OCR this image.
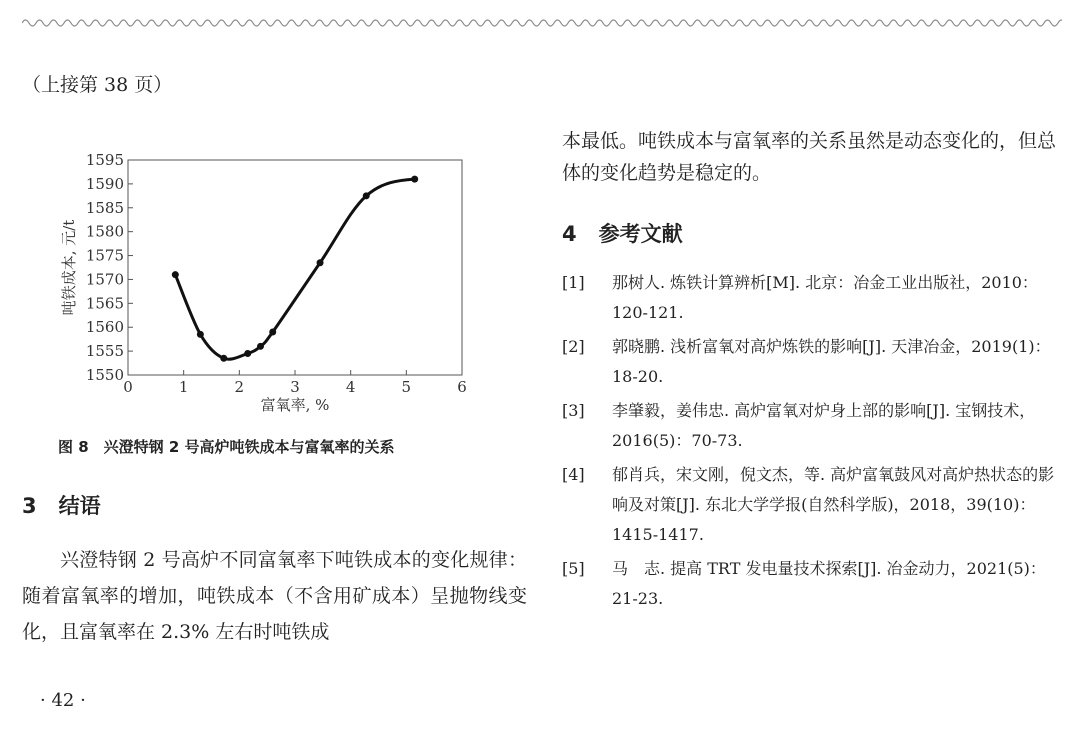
（上接第 38 页）
0	1	2	3	4	5	6
1550
1555
1560
1565
1570
1575
1580
1585
1590
1595
富氧率, %
吨铁成本, 元/t
图 8　兴澄特钢 2 号高炉吨铁成本与富氧率的关系
3 结语
兴澄特钢 2 号高炉不同富氧率下吨铁成本的变化规律：随着富氧率的增加，吨铁成本（不含用矿成本）呈抛物线变化，且富氧率在 2.3% 左右时吨铁成
本最低。吨铁成本与富氧率的关系虽然是动态变化的，但总体的变化趋势是稳定的。
4 参考文献
[1]	那树人. 炼铁计算辨析[M]. 北京：冶金工业出版社，2010：120-121.
[2]	郭晓鹏. 浅析富氧对高炉炼铁的影响[J]. 天津冶金，2019(1)：18-20.
[3]	李肇毅，姜伟忠. 高炉富氧对炉身上部的影响[J]. 宝钢技术，2016(5)：70-73.
[4]	郁肖兵，宋文刚，倪文杰，等. 高炉富氧鼓风对高炉热状态的影响及对策[J]. 东北大学学报(自然科学版)，2018，39(10)：1415-1417.
[5]	马　志. 提高 TRT 发电量技术探索[J]. 冶金动力，2021(5)：21-23.
· 42 ·
